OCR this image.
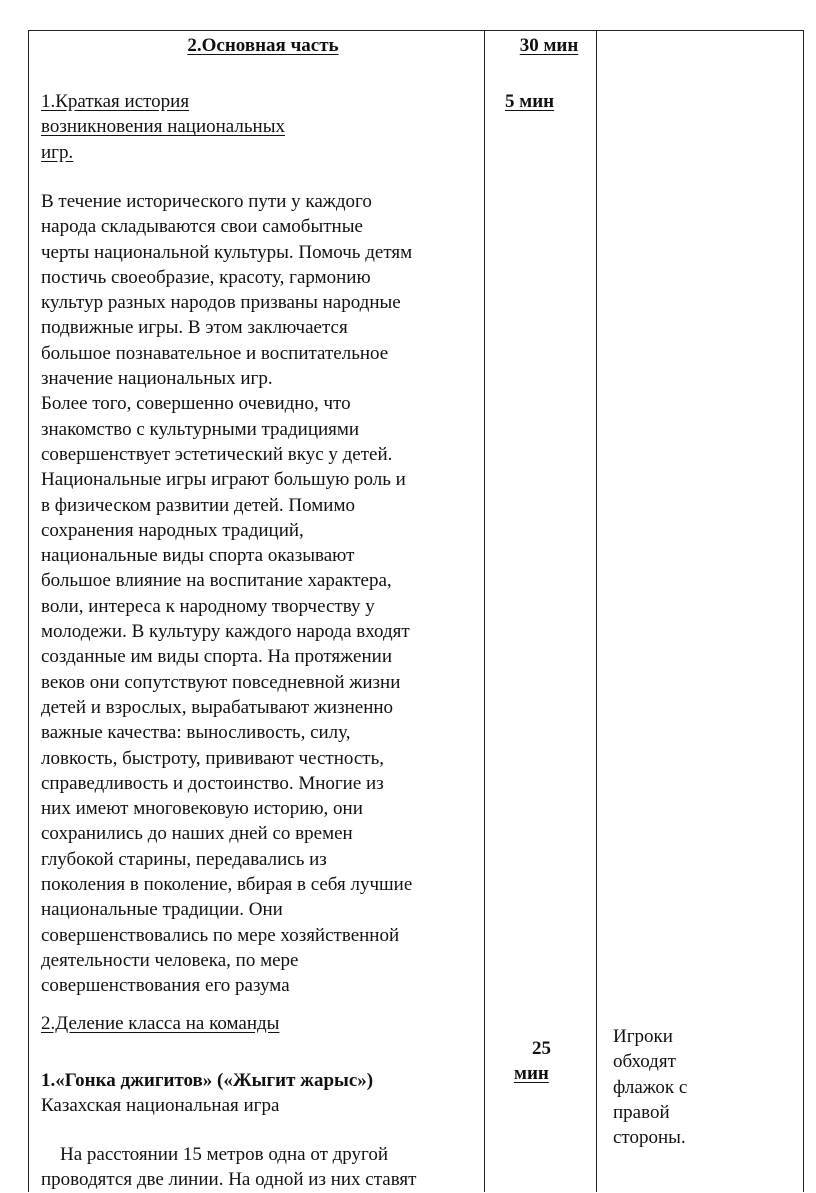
2.Основная часть	30 мин
1.Краткая история
возникновения национальных
игр.
5 мин
В течение исторического пути у каждого
народа складываются свои самобытные
черты национальной культуры. Помочь детям
постичь своеобразие, красоту, гармонию
культур разных народов призваны народные
подвижные игры. В этом заключается
большое познавательное и воспитательное
значение национальных игр.
Более того, совершенно очевидно, что
знакомство с культурными традициями
совершенствует эстетический вкус у детей.
Национальные игры играют большую роль и
в физическом развитии детей. Помимо
сохранения народных традиций,
национальные виды спорта оказывают
большое влияние на воспитание характера,
воли, интереса к народному творчеству у
молодежи. В культуру каждого народа входят
созданные им виды спорта. На протяжении
веков они сопутствуют повседневной жизни
детей и взрослых, вырабатывают жизненно
важные качества: выносливость, силу,
ловкость, быстроту, прививают честность,
справедливость и достоинство. Многие из
них имеют многовековую историю, они
сохранились до наших дней со времен
глубокой старины, передавались из
поколения в поколение, вбирая в себя лучшие
национальные традиции. Они
совершенствовались по мере хозяйственной
деятельности человека, по мере
совершенствования его разума
2.Деление класса на команды
25
мин
Игроки
обходят
флажок с
правой
стороны.
1.«Гонка джигитов» («Жыгит жарыс»)
Казахская национальная игра
На расстоянии 15 метров одна от другой
проводятся две линии. На одной из них ставят
